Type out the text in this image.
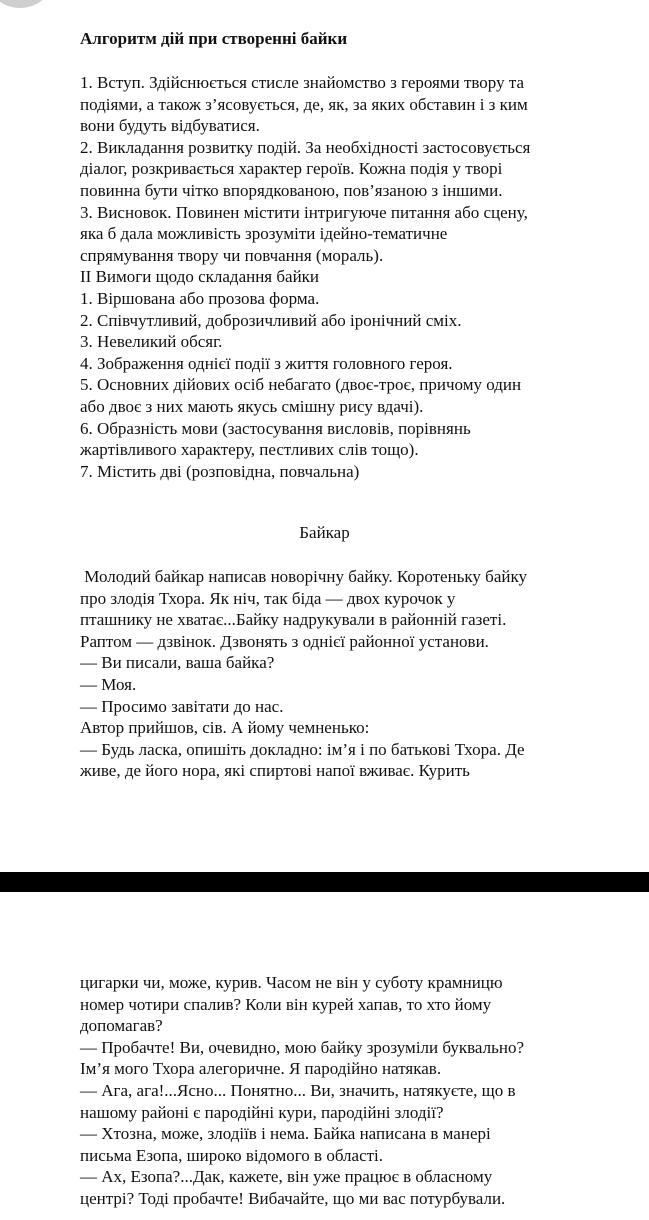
Алгоритм дій при створенні байки
1. Вступ. Здійснюється стисле знайомство з героями твору та
подіями, а також з’ясовується, де, як, за яких обставин і з ким
вони будуть відбуватися.
2. Викладання розвитку подій. За необхідності застосовується
діалог, розкривається характер героїв. Кожна подія у творі
повинна бути чітко впорядкованою, пов’язаною з іншими.
3. Висновок. Повинен містити інтригуюче питання або сцену,
яка б дала можливість зрозуміти ідейно-тематичне
спрямування твору чи повчання (мораль).
ІІ Вимоги щодо складання байки
1. Віршована або прозова форма.
2. Співчутливий, доброзичливий або іронічний сміх.
3. Невеликий обсяг.
4. Зображення однієї події з життя головного героя.
5. Основних дійових осіб небагато (двоє-троє, причому один
або двоє з них мають якусь смішну рису вдачі).
6. Образність мови (застосування висловів, порівнянь
жартівливого характеру, пестливих слів тощо).
7. Містить дві (розповідна, повчальна)
Байкар
Молодий байкар написав новорічну байку. Коротеньку байку
про злодія Тхора. Як ніч, так біда — двох курочок у
пташнику не хватає...Байку надрукували в районній газеті.
Раптом — дзвінок. Дзвонять з однієї районної установи.
— Ви писали, ваша байка?
— Моя.
— Просимо завітати до нас.
Автор прийшов, сів. А йому чемненько:
— Будь ласка, опишіть докладно: ім’я і по батькові Тхора. Де
живе, де його нора, які спиртові напої вживає. Курить
цигарки чи, може, курив. Часом не він у суботу крамницю
номер чотири спалив? Коли він курей хапав, то хто йому
допомагав?
— Пробачте! Ви, очевидно, мою байку зрозуміли буквально?
Ім’я мого Тхора алегоричне. Я пародійно натякав.
— Ага, ага!...Ясно... Понятно... Ви, значить, натякуєте, що в
нашому районі є пародійні кури, пародійні злодії?
— Хтозна, може, злодіїв і нема. Байка написана в манері
письма Езопа, широко відомого в області.
— Ах, Езопа?...Дак, кажете, він уже працює в обласному
центрі? Тоді пробачте! Вибачайте, що ми вас потурбували.
